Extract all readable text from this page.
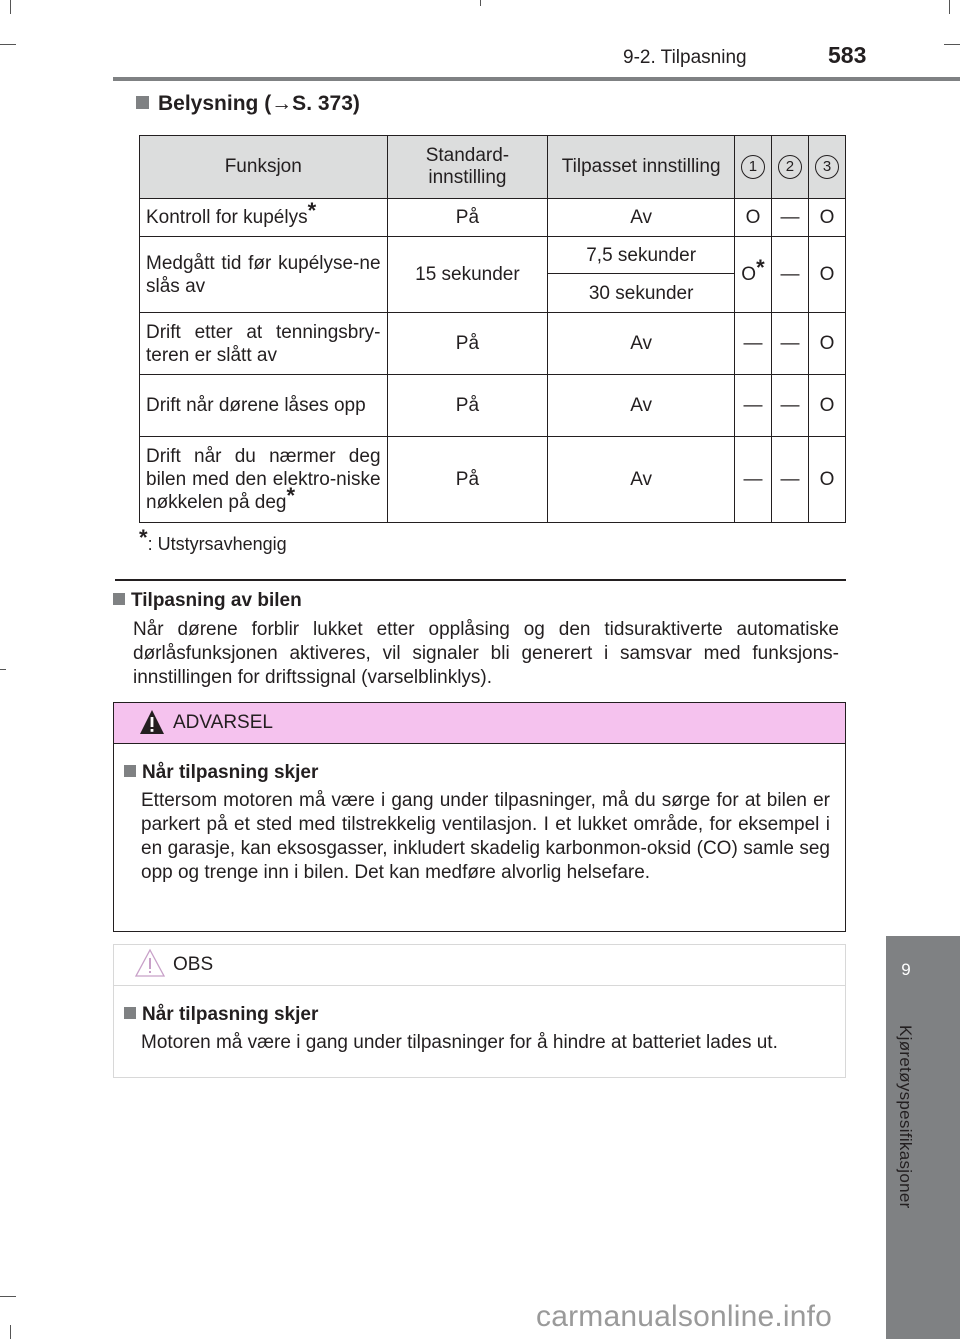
9-2. Tilpasning	583
9
Kjøretøyspesifikasjoner
Belysning (→S. 373)
Funksjon	Standard-innstilling	Tilpasset innstilling	1	2	3
Kontroll for kupélys*	På	Av	O	—	O
Medgått tid før kupélyse-ne slås av	15 sekunder	7,5 sekunder	O*	—	O
		30 sekunder			
Drift etter at tenningsbry-teren er slått av	På	Av	—	—	O
Drift når dørene låses opp	På	Av	—	—	O
Drift når du nærmer deg bilen med den elektro-niske nøkkelen på deg*	På	Av	—	—	O
*: Utstyrsavhengig
Tilpasning av bilen
Når dørene forblir lukket etter opplåsing og den tidsuraktiverte automatiske dørlåsfunksjonen aktiveres, vil signaler bli generert i samsvar med funksjons-innstillingen for driftssignal (varselblinklys).
ADVARSEL
Når tilpasning skjer
Ettersom motoren må være i gang under tilpasninger, må du sørge for at bilen er parkert på et sted med tilstrekkelig ventilasjon. I et lukket område, for eksempel i en garasje, kan eksosgasser, inkludert skadelig karbonmon-oksid (CO) samle seg opp og trenge inn i bilen. Det kan medføre alvorlig helsefare.
OBS
Når tilpasning skjer
Motoren må være i gang under tilpasninger for å hindre at batteriet lades ut.
carmanualsonline.info
